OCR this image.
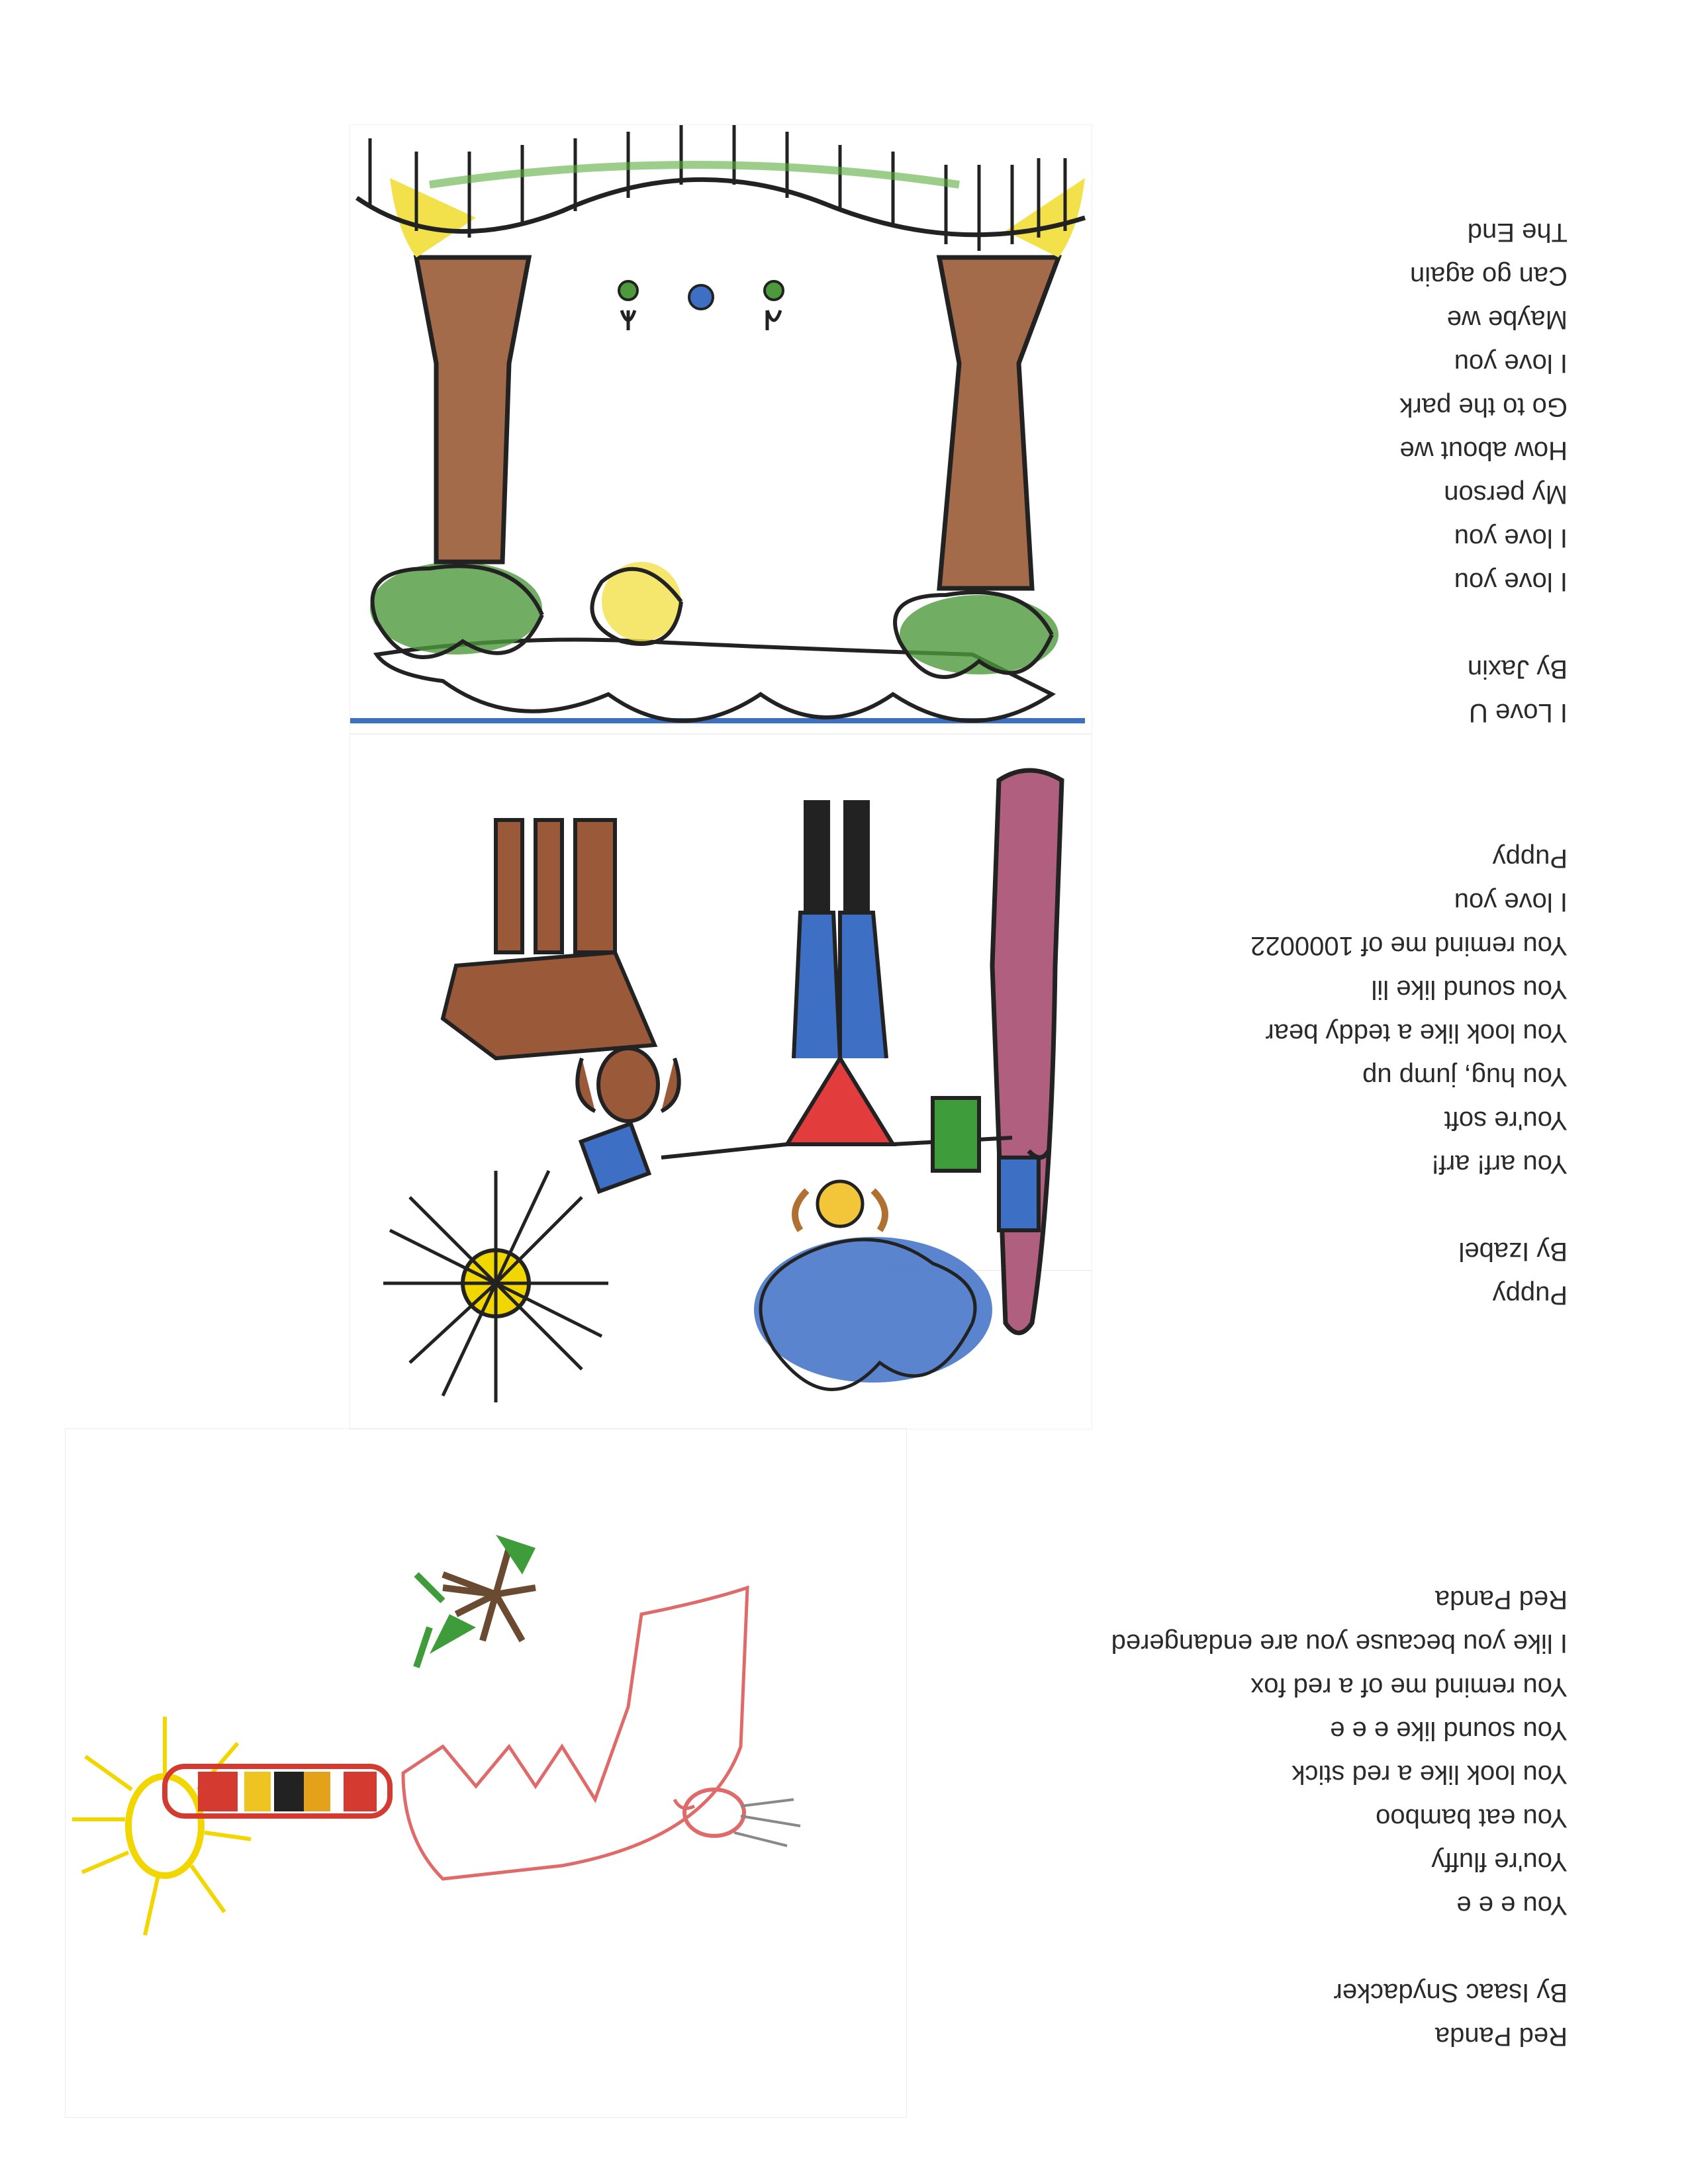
Red Panda
By Isaac Snydacker
You e e e
You're fluffy
You eat bamboo
You look like a red stick
You sound like e e e
You remind me of a red fox
I like you because you are endangered
Red Panda
Puppy
By Izabel
You arf! arf!
You're soft
You hug, jump up
You look like a teddy bear
You sound like lil
You remind me of 1000022
I love you
Puppy
I Love U
By Jaxin
I love you
I love you
My person
How about we
Go to the park
I love you
Maybe we
Can go again
The End
